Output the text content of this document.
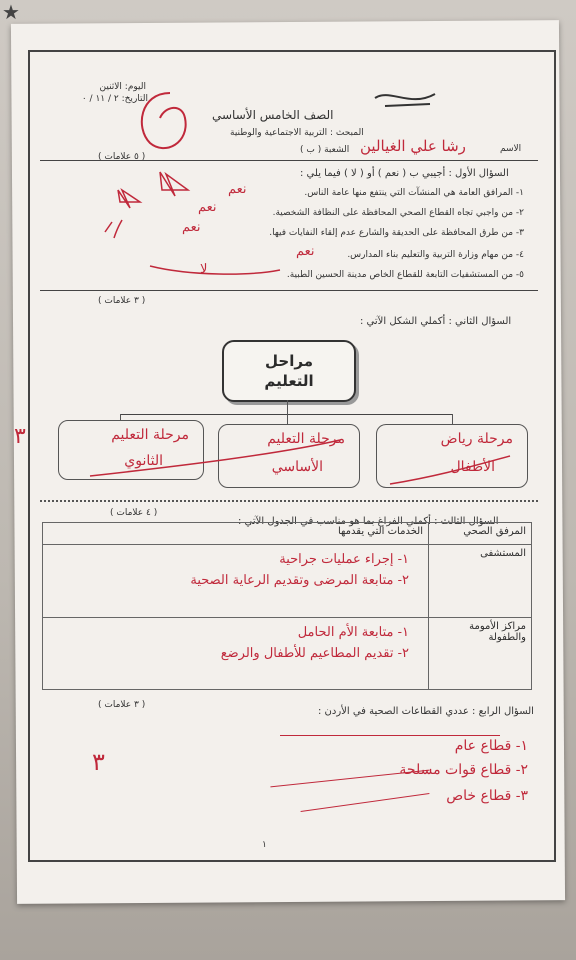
★
اليوم: الاثنين
التاريخ: ٢ / ١١ / ٠
الصف الخامس الأساسي
المبحث : التربية الاجتماعية والوطنية
الاسم
رشا علي الغيالين
الشعبة ( ب )
( ٥ علامات )
السؤال الأول : أجيبي ب ( نعم ) أو ( لا ) فيما يلي :
١- المرافق العامة هي المنشآت التي ينتفع منها عامة الناس.
نعم
٢- من واجبي تجاه القطاع الصحي المحافظة على النظافة الشخصية.
نعم
٣- من طرق المحافظة على الحديقة والشارع عدم إلقاء النفايات فيها.
نعم
٤- من مهام وزارة التربية والتعليم بناء المدارس.
نعم
٥- من المستشفيات التابعة للقطاع الخاص مدينة الحسين الطبية.
لا
( ٣ علامات )
السؤال الثاني : أكملي الشكل الآتي :
مراحل
التعليم
مرحلة رياض
الأطفال
مرحلة التعليم
الأساسي
مرحلة التعليم
الثانوي
٣
( ٤ علامات )
السؤال الثالث : أكملي الفراغ بما هو مناسب في الجدول الآتي :
المرفق الصحي	الخدمات التي يقدمها
المستشفى	١- إجراء عمليات جراحية
٢- متابعة المرضى وتقديم الرعاية الصحية

مراكز الأمومة والطفولة	١- متابعة الأم الحامل
٢- تقديم المطاعيم للأطفال والرضع
( ٣ علامات )
السؤال الرابع : عددي القطاعات الصحية في الأردن :
١- قطاع عام
٢- قطاع قوات مسلحة
٣- قطاع خاص
٣
١
